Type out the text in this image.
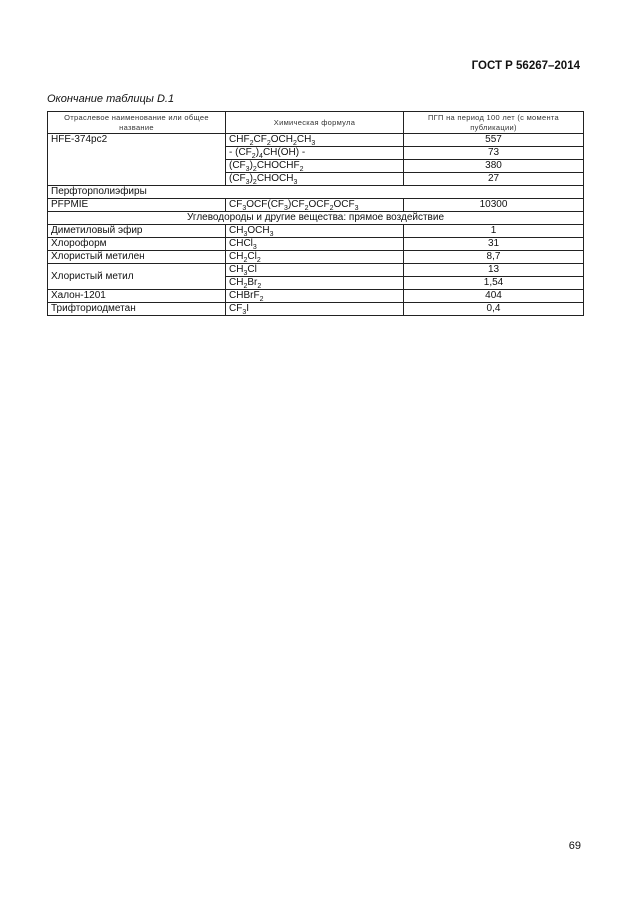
ГОСТ Р 56267–2014
Окончание таблицы D.1
Отраслевое наименование или общее название	Химическая формула	ПГП на период 100 лет (с момента публикации)
HFE-374pc2	$CHF_2CF_2OCH_2CH_3$	557
	- $(CF_2)_4CH(OH)$ -	73
	$(CF_3)_2CHOCHF_2$	380
	$(CF_3)_2CHOCH_3$	27
Перфторполиэфиры		
PFPMIE	$CF_3OCF(CF_3)CF_2OCF_2OCF_3$	10300
Углеводороды и другие вещества: прямое воздействие		
Диметиловый эфир	$CH_3OCH_3$	1
Хлороформ	CHCl$_3$	31
Хлористый метилен	$CH_2Cl_2$	8,7
Хлористый метил	$CH_3Cl$	13
	$CH_2Br_2$	1,54
Халон-1201	CHBrF$_2$	404
Трифториодметан	$CF_3I$	0,4
69
